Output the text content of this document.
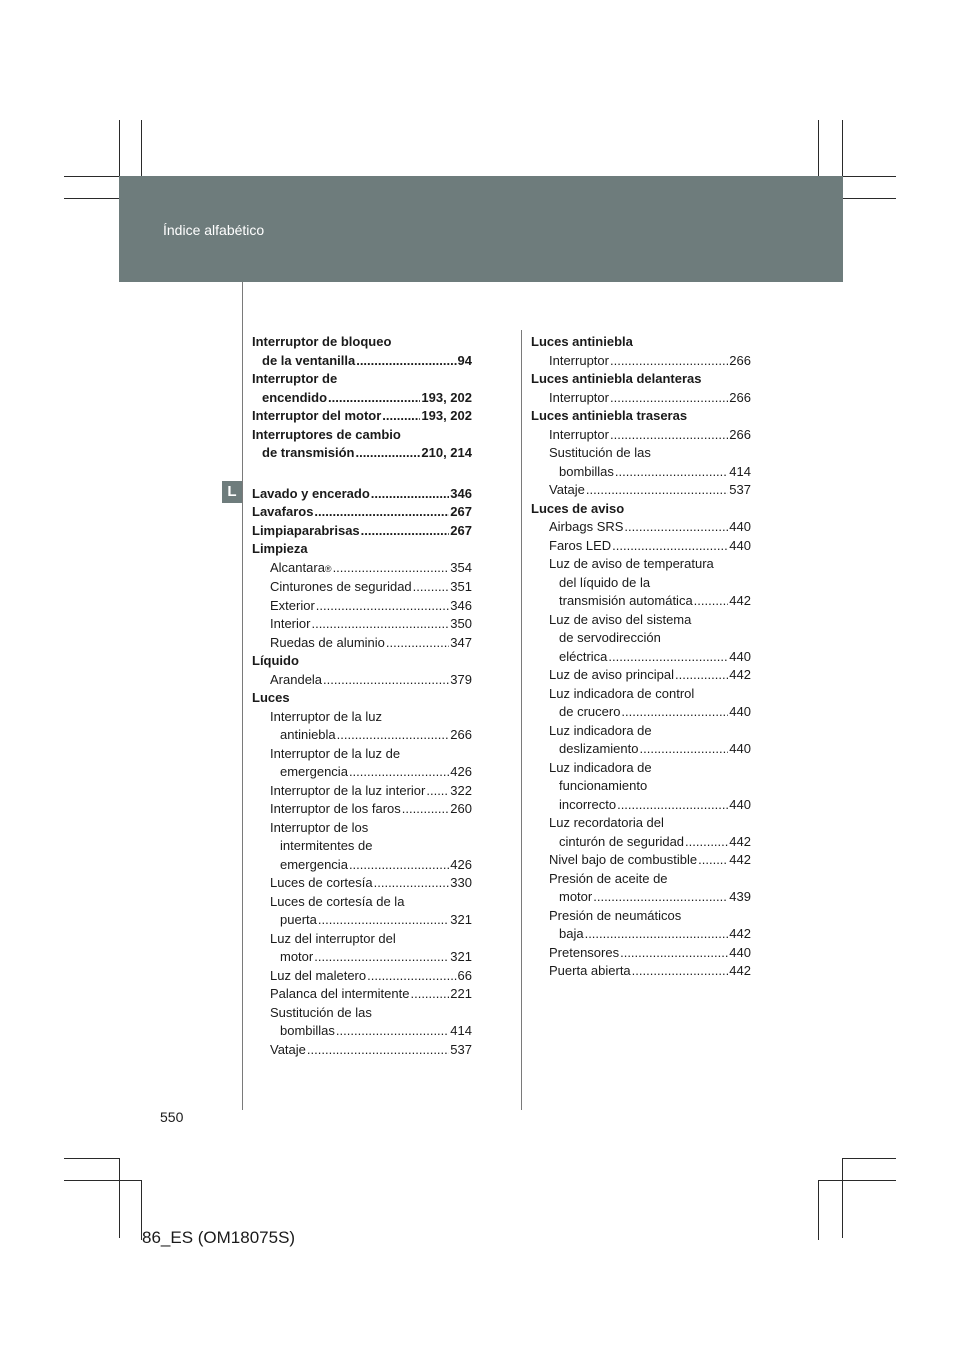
Índice alfabético
L
Interruptor de bloqueo
de la ventanilla .....	94
Interruptor de
encendido .....	193, 202
Interruptor del motor .....	193, 202
Interruptores de cambio
de transmisión .....	210, 214
Lavado y encerado .....	346
Lavafaros .....	267
Limpiaparabrisas .....	267
Limpieza
Alcantara ® .....	354
Cinturones de seguridad .....	351
Exterior .....	346
Interior .....	350
Ruedas de aluminio .....	347
Líquido
Arandela .....	379
Luces
Interruptor de la luz
antiniebla .....	266
Interruptor de la luz de
emergencia .....	426
Interruptor de la luz interior ..... 322
Interruptor de los faros .....	260
Interruptor de los
intermitentes de
emergencia .....	426
Luces de cortesía .....	330
Luces de cortesía de la
puerta .....	321
Luz del interruptor del
motor .....	321
Luz del maletero .....	66
Palanca del intermitente .....	221
Sustitución de las
bombillas .....	414
Vataje .....	537
Luces antiniebla
Interruptor .....	266
Luces antiniebla delanteras
Interruptor .....	266
Luces antiniebla traseras
Interruptor .....	266
Sustitución de las
bombillas .....	414
Vataje .....	537
Luces de aviso
Airbags SRS .....	440
Faros LED .....	440
Luz de aviso de temperatura
del líquido de la
transmisión automática .....	442
Luz de aviso del sistema
de servodirección
eléctrica .....	440
Luz de aviso principal .....	442
Luz indicadora de control
de crucero .....	440
Luz indicadora de
deslizamiento .....	440
Luz indicadora de
funcionamiento
incorrecto .....	440
Luz recordatoria del
cinturón de seguridad .....	442
Nivel bajo de combustible ..... 442
Presión de aceite de
motor .....	439
Presión de neumáticos
baja .....	442
Pretensores .....	440
Puerta abierta .....	442
550
86_ES (OM18075S)
